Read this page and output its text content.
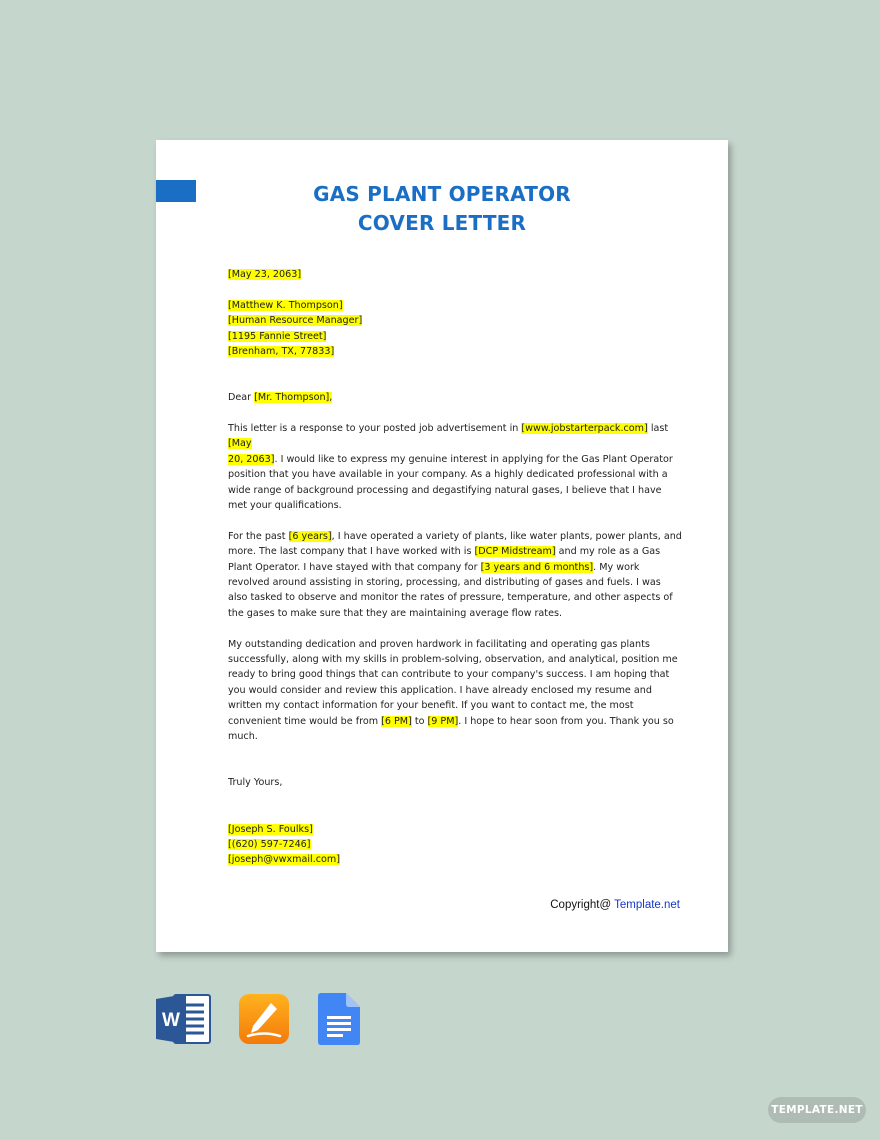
GAS PLANT OPERATOR
COVER LETTER
[May 23, 2063]
[Matthew K. Thompson]
[Human Resource Manager]
[1195 Fannie Street]
[Brenham, TX, 77833]
Dear [Mr. Thompson],
This letter is a response to your posted job advertisement in [www.jobstarterpack.com] last [May
20, 2063]. I would like to express my genuine interest in applying for the Gas Plant Operator position that you have available in your company. As a highly dedicated professional with a wide range of background processing and degastifying natural gases, I believe that I have met your qualifications.
For the past [6 years], I have operated a variety of plants, like water plants, power plants, and more. The last company that I have worked with is [DCP Midstream] and my role as a Gas Plant Operator. I have stayed with that company for [3 years and 6 months]. My work revolved around assisting in storing, processing, and distributing of gases and fuels. I was also tasked to observe and monitor the rates of pressure, temperature, and other aspects of the gases to make sure that they are maintaining average flow rates.
My outstanding dedication and proven hardwork in facilitating and operating gas plants successfully, along with my skills in problem-solving, observation, and analytical, position me ready to bring good things that can contribute to your company's success. I am hoping that you would consider and review this application. I have already enclosed my resume and written my contact information for your benefit. If you want to contact me, the most convenient time would be from [6 PM] to [9 PM]. I hope to hear soon from you. Thank you so much.
Truly Yours,
[Joseph S. Foulks]
[(620) 597-7246]
[joseph@vwxmail.com]
Copyright@ Template.net
W
TEMPLATE.NET
